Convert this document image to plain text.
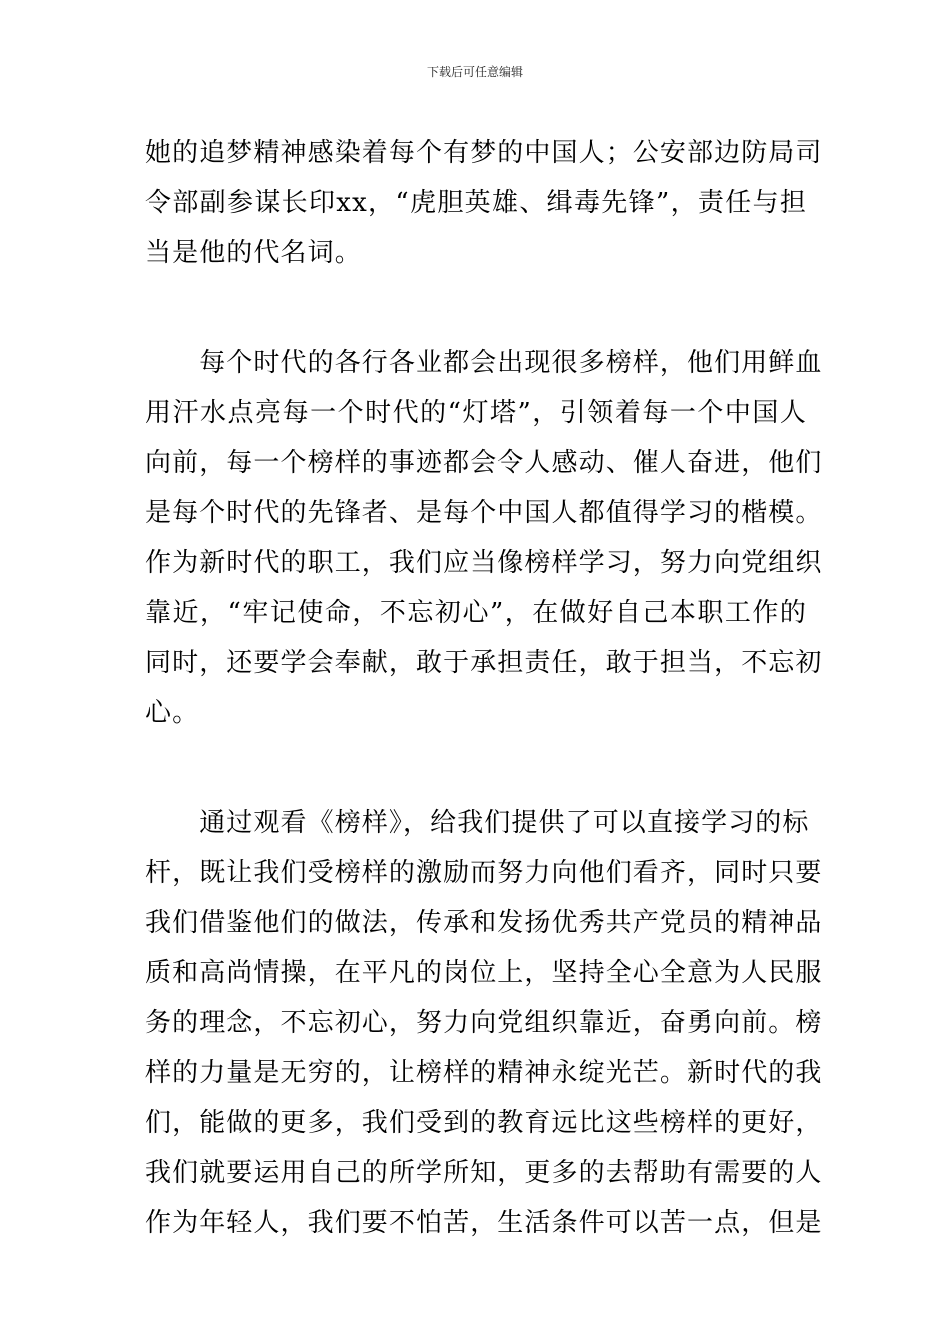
下载后可任意编辑
她的追梦精神感染着每个有梦的中国人；公安部边防局司
令部副参谋长印xx，“虎胆英雄、缉毒先锋”，责任与担
当是他的代名词。
　　每个时代的各行各业都会出现很多榜样，他们用鲜血
用汗水点亮每一个时代的“灯塔”，引领着每一个中国人
向前，每一个榜样的事迹都会令人感动、催人奋进，他们
是每个时代的先锋者、是每个中国人都值得学习的楷模。
作为新时代的职工，我们应当像榜样学习，努力向党组织
靠近，“牢记使命，不忘初心”，在做好自己本职工作的
同时，还要学会奉献，敢于承担责任，敢于担当，不忘初
心。
　　通过观看《榜样》，给我们提供了可以直接学习的标
杆，既让我们受榜样的激励而努力向他们看齐，同时只要
我们借鉴他们的做法，传承和发扬优秀共产党员的精神品
质和高尚情操，在平凡的岗位上，坚持全心全意为人民服
务的理念，不忘初心，努力向党组织靠近，奋勇向前。榜
样的力量是无穷的，让榜样的精神永绽光芒。新时代的我
们，能做的更多，我们受到的教育远比这些榜样的更好，
我们就要运用自己的所学所知，更多的去帮助有需要的人
作为年轻人，我们要不怕苦，生活条件可以苦一点，但是
